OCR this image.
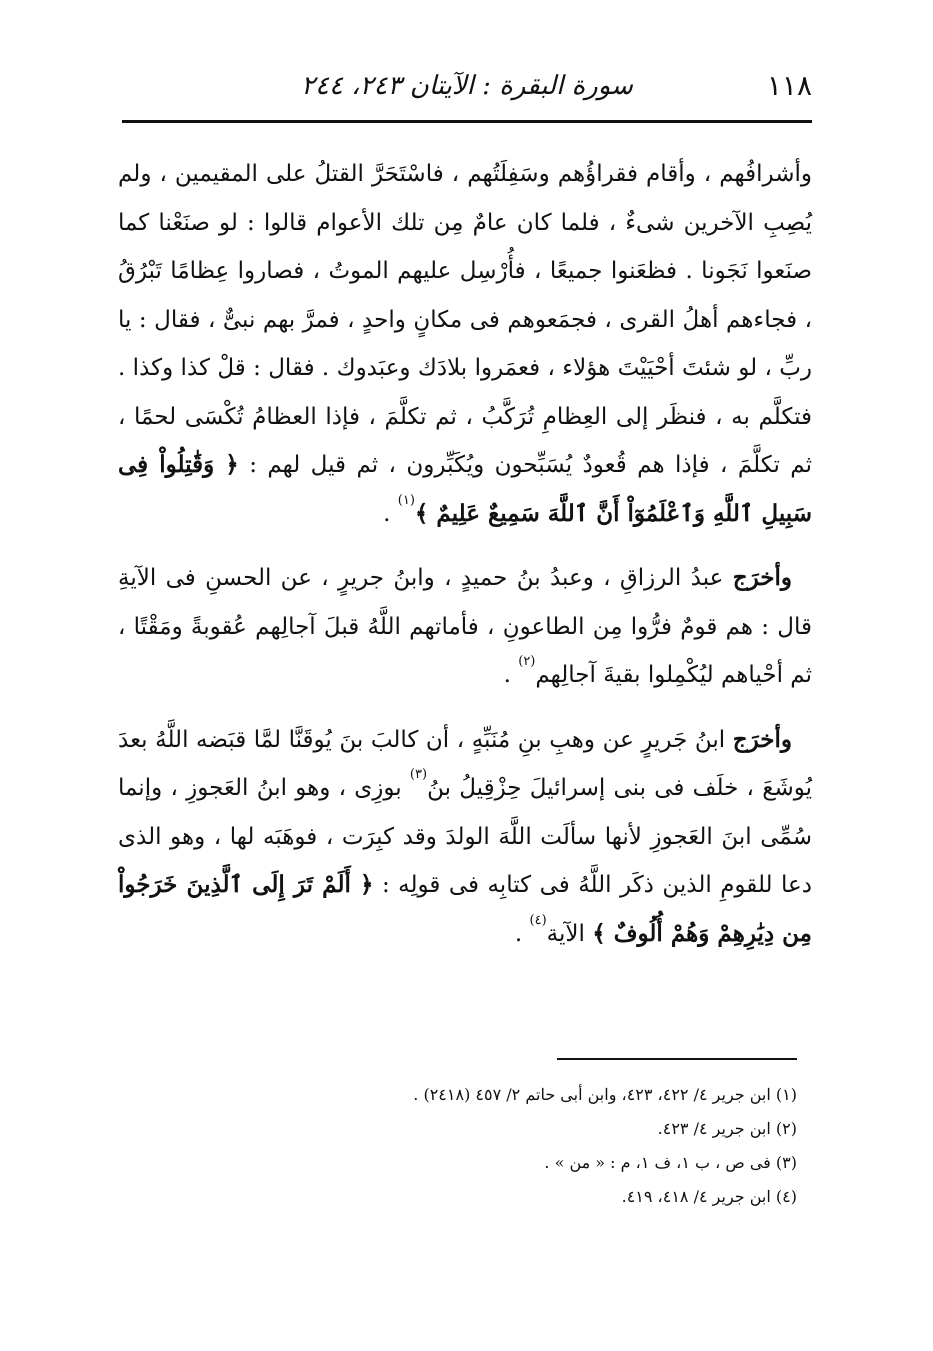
١١٨
سورة البقرة : الآيتان ٢٤٣، ٢٤٤

وأشرافُهم ، وأقام فقراؤُهم وسَفِلَتُهم ، فاسْتَحَرَّ القتلُ على المقيمين ، ولم يُصِبِ الآخرين شىءٌ ، فلما كان عامٌ مِن تلك الأعوام قالوا : لو صنَعْنا كما صنَعوا نَجَونا . فظعَنوا جميعًا ، فأُرْسِل عليهم الموتُ ، فصاروا عِظامًا تَبْرُقُ ، فجاءهم أهلُ القرى ، فجمَعوهم فى مكانٍ واحدٍ ، فمرَّ بهم نبىٌّ ، فقال : يا ربِّ ، لو شئتَ أحْيَيْتَ هؤلاء ، فعمَروا بلادَك وعبَدوك . فقال : قلْ كذا وكذا . فتكلَّم به ، فنظَر إلى العِظامِ تُرَكَّبُ ، ثم تكلَّمَ ، فإذا العظامُ تُكْسَى لحمًا ، ثم تكلَّمَ ، فإذا هم قُعودٌ يُسَبِّحون ويُكَبِّرون ، ثم قيل لهم : ﴿ وَقَٰتِلُواْ فِى سَبِيلِ ٱللَّهِ وَٱعْلَمُوٓاْ أَنَّ ٱللَّهَ سَمِيعٌ عَلِيمٌ ﴾$^{(١)}$ .

وأخرَج عبدُ الرزاقِ ، وعبدُ بنُ حميدٍ ، وابنُ جريرٍ ، عن الحسنِ فى الآيةِ قال : هم قومٌ فرُّوا مِن الطاعونِ ، فأماتهم اللَّهُ قبلَ آجالِهم عُقوبةً ومَقْتًا ، ثم أحْياهم ليُكْمِلوا بقيةَ آجالِهم$^{(٢)}$ .

وأخرَج ابنُ جَريرٍ عن وهبِ بنِ مُنَبِّهٍ ، أن كالبَ بنَ يُوقَنَّا لمَّا قبَضه اللَّهُ بعدَ يُوشَعَ ، خلَف فى بنى إسرائيلَ حِزْقِيلُ بنُ$^{(٣)}$ بوزِى ، وهو ابنُ العَجوزِ ، وإنما سُمِّى ابنَ العَجوزِ لأنها سألَت اللَّهَ الولدَ وقد كبِرَت ، فوهَبَه لها ، وهو الذى دعا للقومِ الذين ذكَر اللَّهُ فى كتابِه فى قولِه : ﴿ أَلَمْ تَرَ إِلَى ٱلَّذِينَ خَرَجُواْ مِن دِيَٰرِهِمْ وَهُمْ أُلُوفٌ ﴾ الآية$^{(٤)}$ .

(١) ابن جرير ٤/ ٤٢٢، ٤٢٣، وابن أبى حاتم ٢/ ٤٥٧ (٢٤١٨) .

(٢) ابن جرير ٤/ ٤٢٣.

(٣) فى ص ، ب ١، ف ١، م : « من » .

(٤) ابن جرير ٤/ ٤١٨، ٤١٩.
